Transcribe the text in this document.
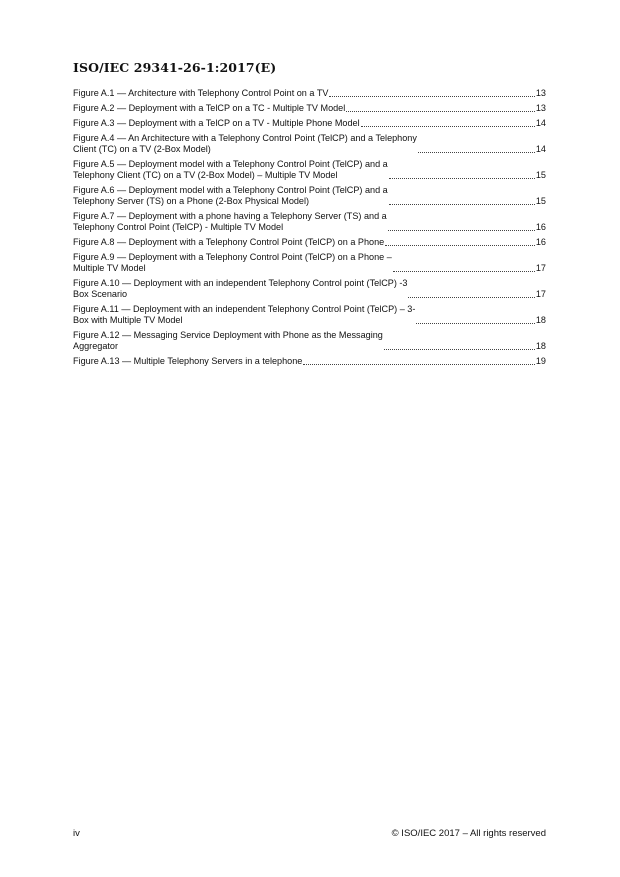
ISO/IEC 29341-26-1:2017(E)
Figure A.1 — Architecture with Telephony Control Point on a TV	13
Figure A.2 — Deployment with a TelCP on a TC - Multiple TV Model	13
Figure A.3 — Deployment with a TelCP on a TV - Multiple Phone Model	14
Figure A.4 — An Architecture with a Telephony Control Point (TelCP) and a Telephony
Client (TC) on a TV (2-Box Model)	14
Figure A.5 — Deployment model with a Telephony Control Point (TelCP) and a
Telephony Client (TC) on a TV (2-Box Model) – Multiple TV Model	15
Figure A.6 — Deployment model with a Telephony Control Point (TelCP) and a
Telephony Server (TS) on a Phone (2-Box Physical Model)	15
Figure A.7 — Deployment with a phone having a Telephony Server (TS) and a
Telephony Control Point (TelCP) - Multiple TV Model	16
Figure A.8 — Deployment with a Telephony Control Point (TelCP) on a Phone	16
Figure A.9 — Deployment with a Telephony Control Point (TelCP) on a Phone –
Multiple TV Model	17
Figure A.10 — Deployment with an independent Telephony Control point (TelCP) -3
Box Scenario	17
Figure A.11 — Deployment with an independent Telephony Control Point (TelCP) – 3-
Box with Multiple TV Model	18
Figure A.12 — Messaging Service Deployment with Phone as the Messaging
Aggregator	18
Figure A.13 — Multiple Telephony Servers in a telephone	19
iv	© ISO/IEC 2017 – All rights reserved
